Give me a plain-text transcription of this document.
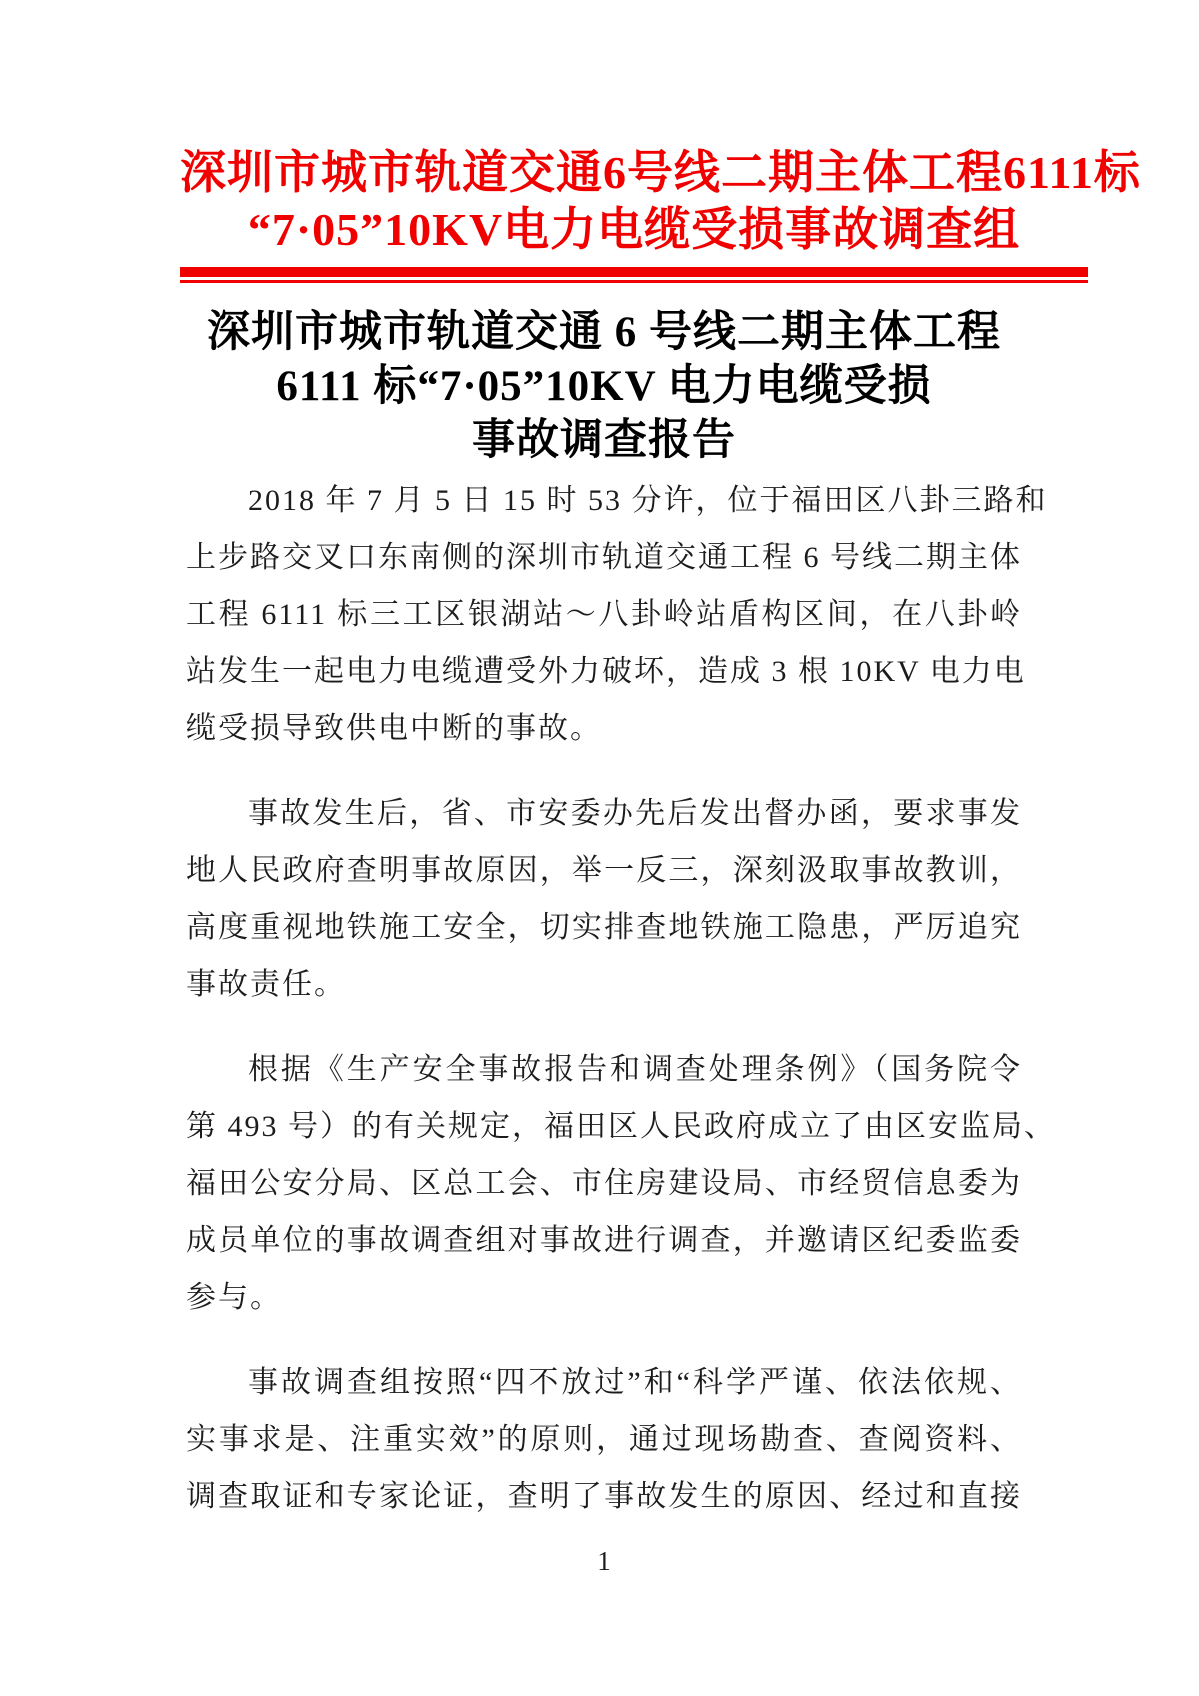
深圳市城市轨道交通6号线二期主体工程6111标
“7·05”10KV电力电缆受损事故调查组
深圳市城市轨道交通 6 号线二期主体工程
6111 标“7·05”10KV 电力电缆受损
事故调查报告
2018 年 7 月 5 日 15 时 53 分许，位于福田区八卦三路和
上步路交叉口东南侧的深圳市轨道交通工程 6 号线二期主体
工程 6111 标三工区银湖站～八卦岭站盾构区间，在八卦岭
站发生一起电力电缆遭受外力破坏，造成 3 根 10KV 电力电
缆受损导致供电中断的事故。
事故发生后，省、市安委办先后发出督办函，要求事发
地人民政府查明事故原因，举一反三，深刻汲取事故教训，
高度重视地铁施工安全，切实排查地铁施工隐患，严厉追究
事故责任。
根据《生产安全事故报告和调查处理条例》（国务院令
第 493 号）的有关规定，福田区人民政府成立了由区安监局、
福田公安分局、区总工会、市住房建设局、市经贸信息委为
成员单位的事故调查组对事故进行调查，并邀请区纪委监委
参与。
事故调查组按照“四不放过”和“科学严谨、依法依规、
实事求是、注重实效”的原则，通过现场勘查、查阅资料、
调查取证和专家论证，查明了事故发生的原因、经过和直接
1
